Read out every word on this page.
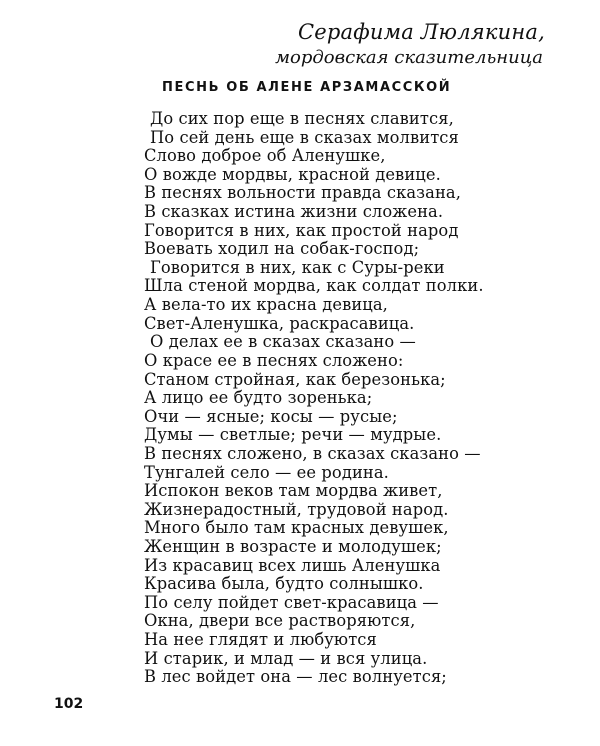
Серафима Люлякина,
мордовская сказительница
ПЕСНЬ ОБ АЛЕНЕ АРЗАМАССКОЙ
До сих пор еще в песнях славится,
По сей день еще в сказах молвится
Слово доброе об Аленушке,
О вожде мордвы, красной девице.
В песнях вольности правда сказана,
В сказках истина жизни сложена.
Говорится в них, как простой народ
Воевать ходил на собак-господ;
Говорится в них, как с Суры-реки
Шла стеной мордва, как солдат полки.
А вела-то их красна девица,
Свет-Аленушка, раскрасавица.
О делах ее в сказах сказано —
О красе ее в песнях сложено:
Станом стройная, как березонька;
А лицо ее будто зоренька;
Очи — ясные; косы — русые;
Думы — светлые; речи — мудрые.
В песнях сложено, в сказах сказано —
Тунгалей село — ее родина.
Испокон веков там мордва живет,
Жизнерадостный, трудовой народ.
Много было там красных девушек,
Женщин в возрасте и молодушек;
Из красавиц всех лишь Аленушка
Красива была, будто солнышко.
По селу пойдет свет-красавица —
Окна, двери все растворяются,
На нее глядят и любуются
И старик, и млад — и вся улица.
В лес войдет она — лес волнуется;
102
